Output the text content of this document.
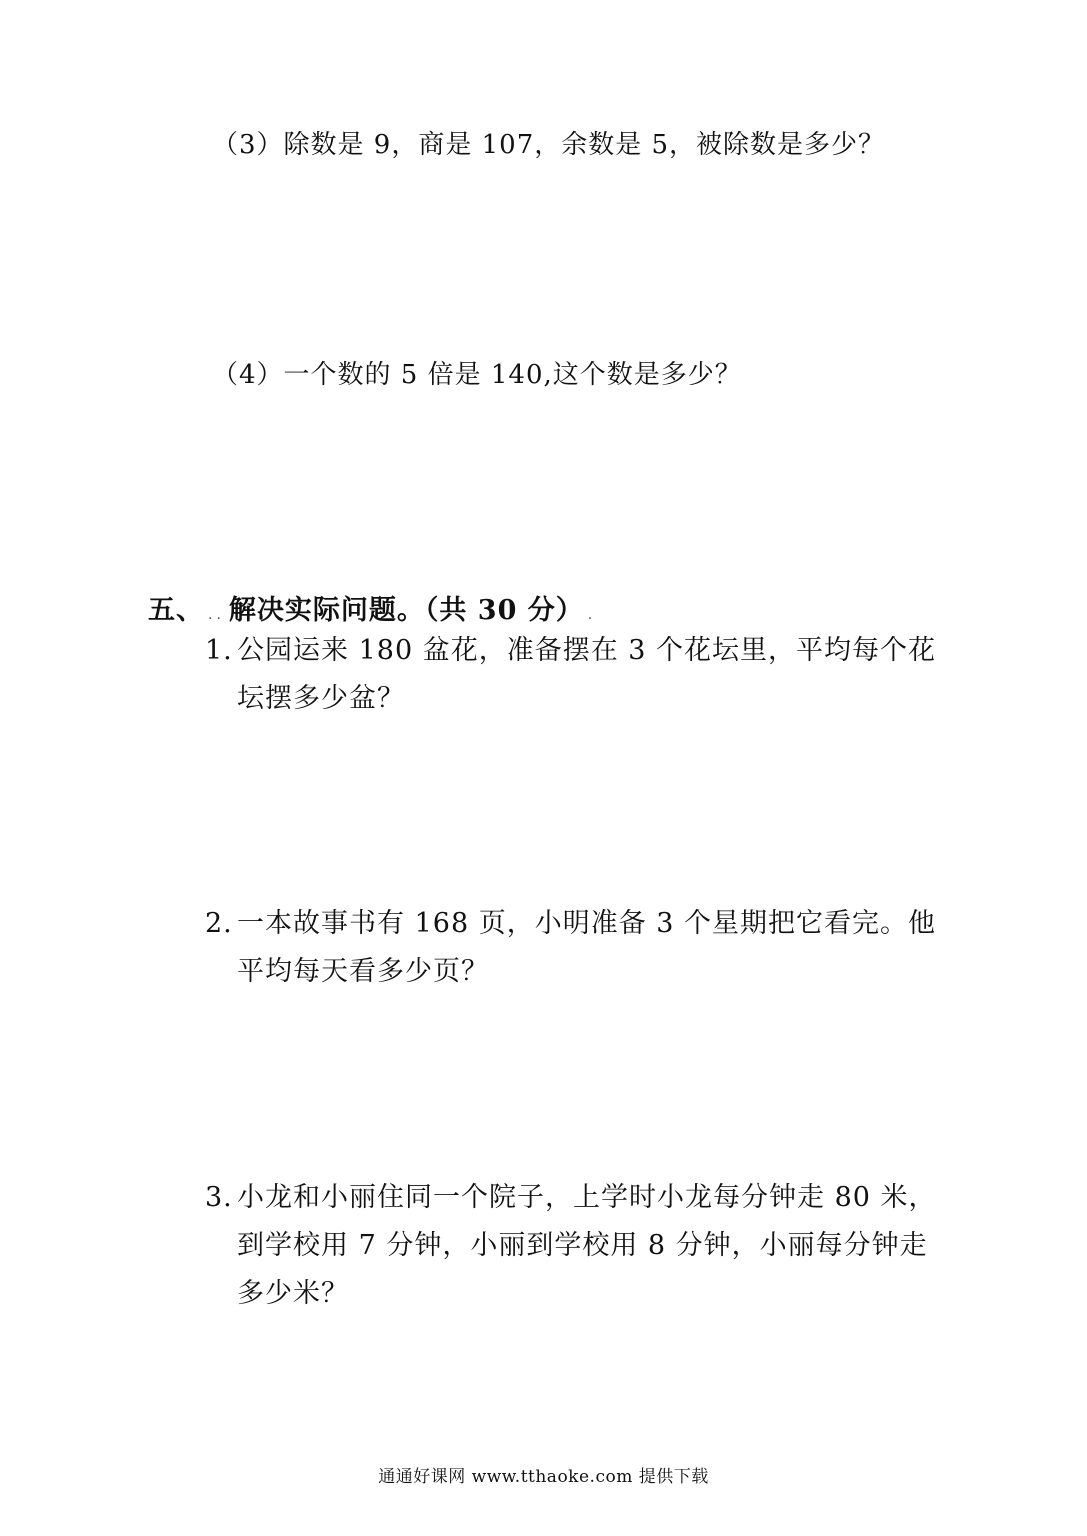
（3）除数是 9，商是 107，余数是 5，被除数是多少？
（4）一个数的 5 倍是 140,这个数是多少？
五、 .. 解决实际问题。（共 30 分） .
1. 公园运来 180 盆花，准备摆在 3 个花坛里，平均每个花
坛摆多少盆？
2. 一本故事书有 168 页，小明准备 3 个星期把它看完。他
平均每天看多少页？
3. 小龙和小丽住同一个院子，上学时小龙每分钟走 80 米，
到学校用 7 分钟，小丽到学校用 8 分钟，小丽每分钟走
多少米？
通通好课网 www.tthaoke.com 提供下载
